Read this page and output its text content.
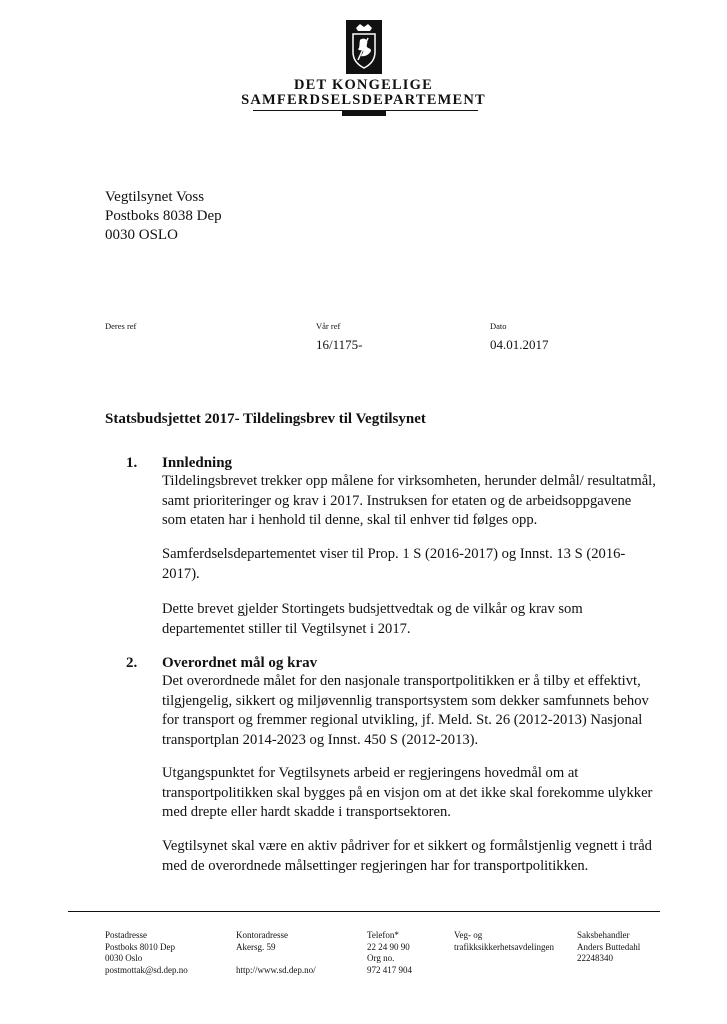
DET KONGELIGE
SAMFERDSELSDEPARTEMENT
Vegtilsynet Voss
Postboks 8038 Dep
0030 OSLO
Deres ref	Vår ref
16/1175-
Dato
04.01.2017
Statsbudsjettet 2017- Tildelingsbrev til Vegtilsynet
1. Innledning
Tildelingsbrevet trekker opp målene for virksomheten, herunder delmål/ resultatmål,
samt prioriteringer og krav i 2017. Instruksen for etaten og de arbeidsoppgavene
som etaten har i henhold til denne, skal til enhver tid følges opp.
Samferdselsdepartementet viser til Prop. 1 S (2016-2017) og Innst. 13 S (2016-
2017).
Dette brevet gjelder Stortingets budsjettvedtak og de vilkår og krav som
departementet stiller til Vegtilsynet i 2017.
2. Overordnet mål og krav
Det overordnede målet for den nasjonale transportpolitikken er å tilby et effektivt,
tilgjengelig, sikkert og miljøvennlig transportsystem som dekker samfunnets behov
for transport og fremmer regional utvikling, jf. Meld. St. 26 (2012-2013) Nasjonal
transportplan 2014-2023 og Innst. 450 S (2012-2013).
Utgangspunktet for Vegtilsynets arbeid er regjeringens hovedmål om at
transportpolitikken skal bygges på en visjon om at det ikke skal forekomme ulykker
med drepte eller hardt skadde i transportsektoren.
Vegtilsynet skal være en aktiv pådriver for et sikkert og formålstjenlig vegnett i tråd
med de overordnede målsettinger regjeringen har for transportpolitikken.
Postadresse
Postboks 8010 Dep
0030 Oslo
postmottak@sd.dep.no
Kontoradresse
Akersg. 59
http://www.sd.dep.no/
Telefon*
22 24 90 90
Org no.
972 417 904
Veg- og
trafikksikkerhetsavdelingen
Saksbehandler
Anders Buttedahl
22248340
